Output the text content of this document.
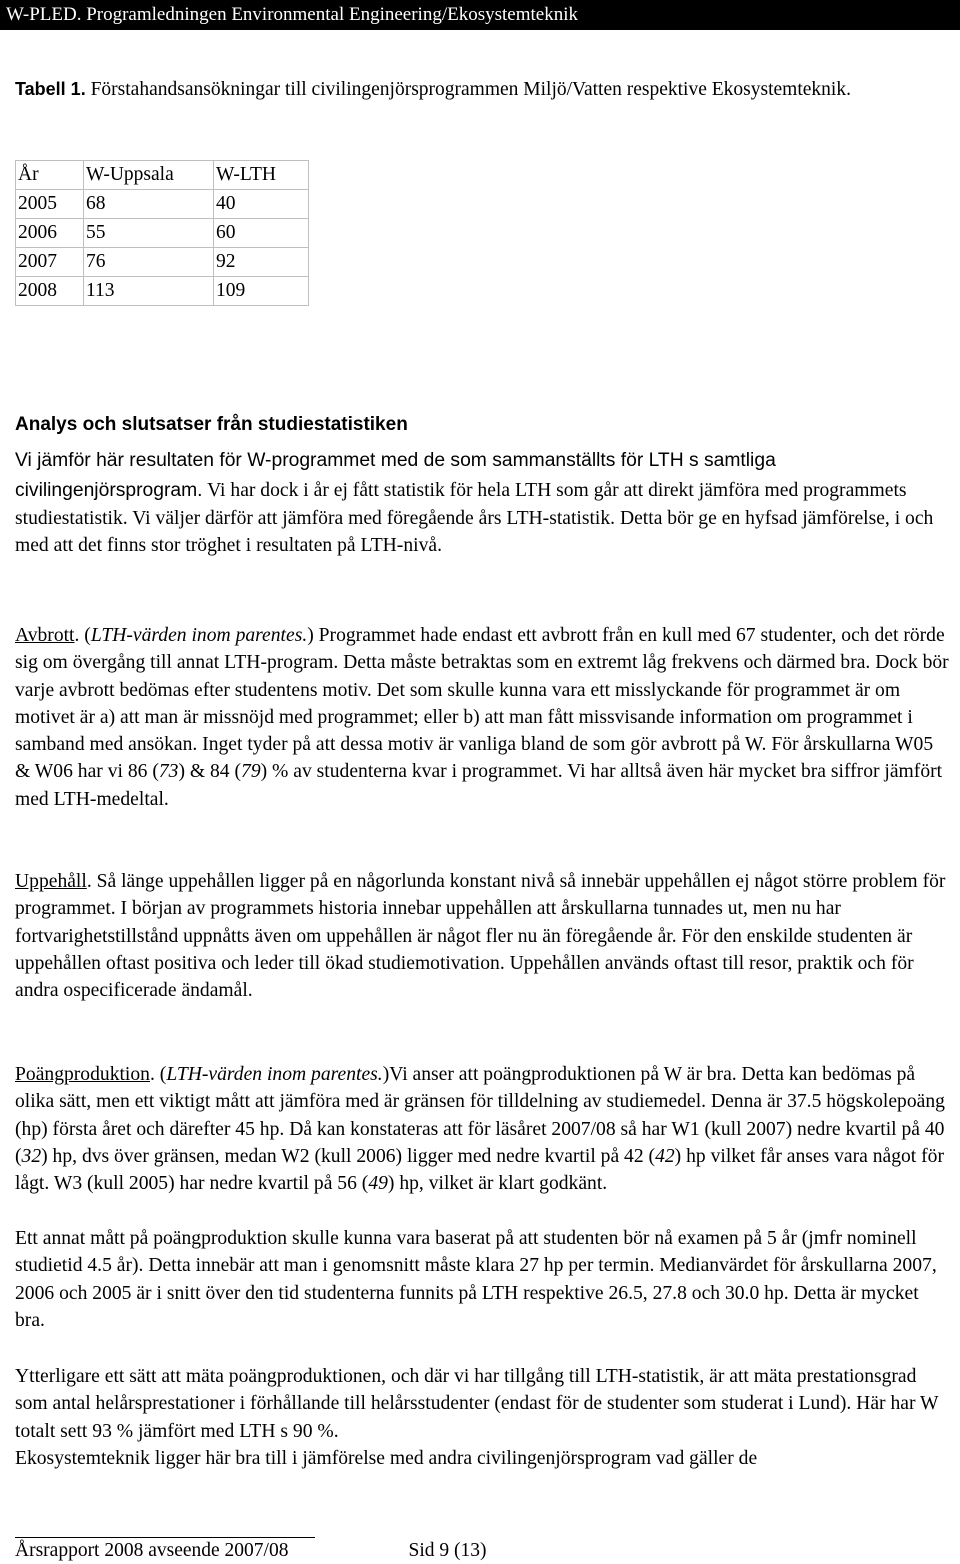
W-PLED. Programledningen Environmental Engineering/Ekosystemteknik
Tabell 1. Förstahandsansökningar till civilingenjörsprogrammen Miljö/Vatten respektive Ekosystemteknik.
År	W-Uppsala	W-LTH
2005	68	40
2006	55	60
2007	76	92
2008	113	109
Analys och slutsatser från studiestatistiken
Vi jämför här resultaten för W-programmet med de som sammanställts för LTH s samtliga civilingenjörsprogram. Vi har dock i år ej fått statistik för hela LTH som går att direkt jämföra med programmets studiestatistik. Vi väljer därför att jämföra med föregående års LTH-statistik. Detta bör ge en hyfsad jämförelse, i och med att det finns stor tröghet i resultaten på LTH-nivå.
Avbrott. (LTH-värden inom parentes.) Programmet hade endast ett avbrott från en kull med 67 studenter, och det rörde sig om övergång till annat LTH-program. Detta måste betraktas som en extremt låg frekvens och därmed bra. Dock bör varje avbrott bedömas efter studentens motiv. Det som skulle kunna vara ett misslyckande för programmet är om motivet är a) att man är missnöjd med programmet; eller b) att man fått missvisande information om programmet i samband med ansökan. Inget tyder på att dessa motiv är vanliga bland de som gör avbrott på W. För årskullarna W05 & W06 har vi 86 (73) & 84 (79) % av studenterna kvar i programmet. Vi har alltså även här mycket bra siffror jämfört med LTH-medeltal.
Uppehåll. Så länge uppehållen ligger på en någorlunda konstant nivå så innebär uppehållen ej något större problem för programmet. I början av programmets historia innebar uppehållen att årskullarna tunnades ut, men nu har fortvarighetstillstånd uppnåtts även om uppehållen är något fler nu än föregående år. För den enskilde studenten är uppehållen oftast positiva och leder till ökad studiemotivation. Uppehållen används oftast till resor, praktik och för andra ospecificerade ändamål.
Poängproduktion. (LTH-värden inom parentes.)Vi anser att poängproduktionen på W är bra. Detta kan bedömas på olika sätt, men ett viktigt mått att jämföra med är gränsen för tilldelning av studiemedel. Denna är 37.5 högskolepoäng (hp) första året och därefter 45 hp. Då kan konstateras att för läsåret 2007/08 så har W1 (kull 2007) nedre kvartil på 40 (32) hp, dvs över gränsen, medan W2 (kull 2006) ligger med nedre kvartil på 42 (42) hp vilket får anses vara något för lågt. W3 (kull 2005) har nedre kvartil på 56 (49) hp, vilket är klart godkänt.
Ett annat mått på poängproduktion skulle kunna vara baserat på att studenten bör nå examen på 5 år (jmfr nominell studietid 4.5 år). Detta innebär att man i genomsnitt måste klara 27 hp per termin. Medianvärdet för årskullarna 2007, 2006 och 2005 är i snitt över den tid studenterna funnits på LTH respektive 26.5, 27.8 och 30.0 hp. Detta är mycket bra.
Ytterligare ett sätt att mäta poängproduktionen, och där vi har tillgång till LTH-statistik, är att mäta prestationsgrad som antal helårsprestationer i förhållande till helårsstudenter (endast för de studenter som studerat i Lund). Här har W totalt sett 93 % jämfört med LTH s 90 %.
Ekosystemteknik ligger här bra till i jämförelse med andra civilingenjörsprogram vad gäller de
Årsrapport 2008 avseende 2007/08	Sid 9 (13)
